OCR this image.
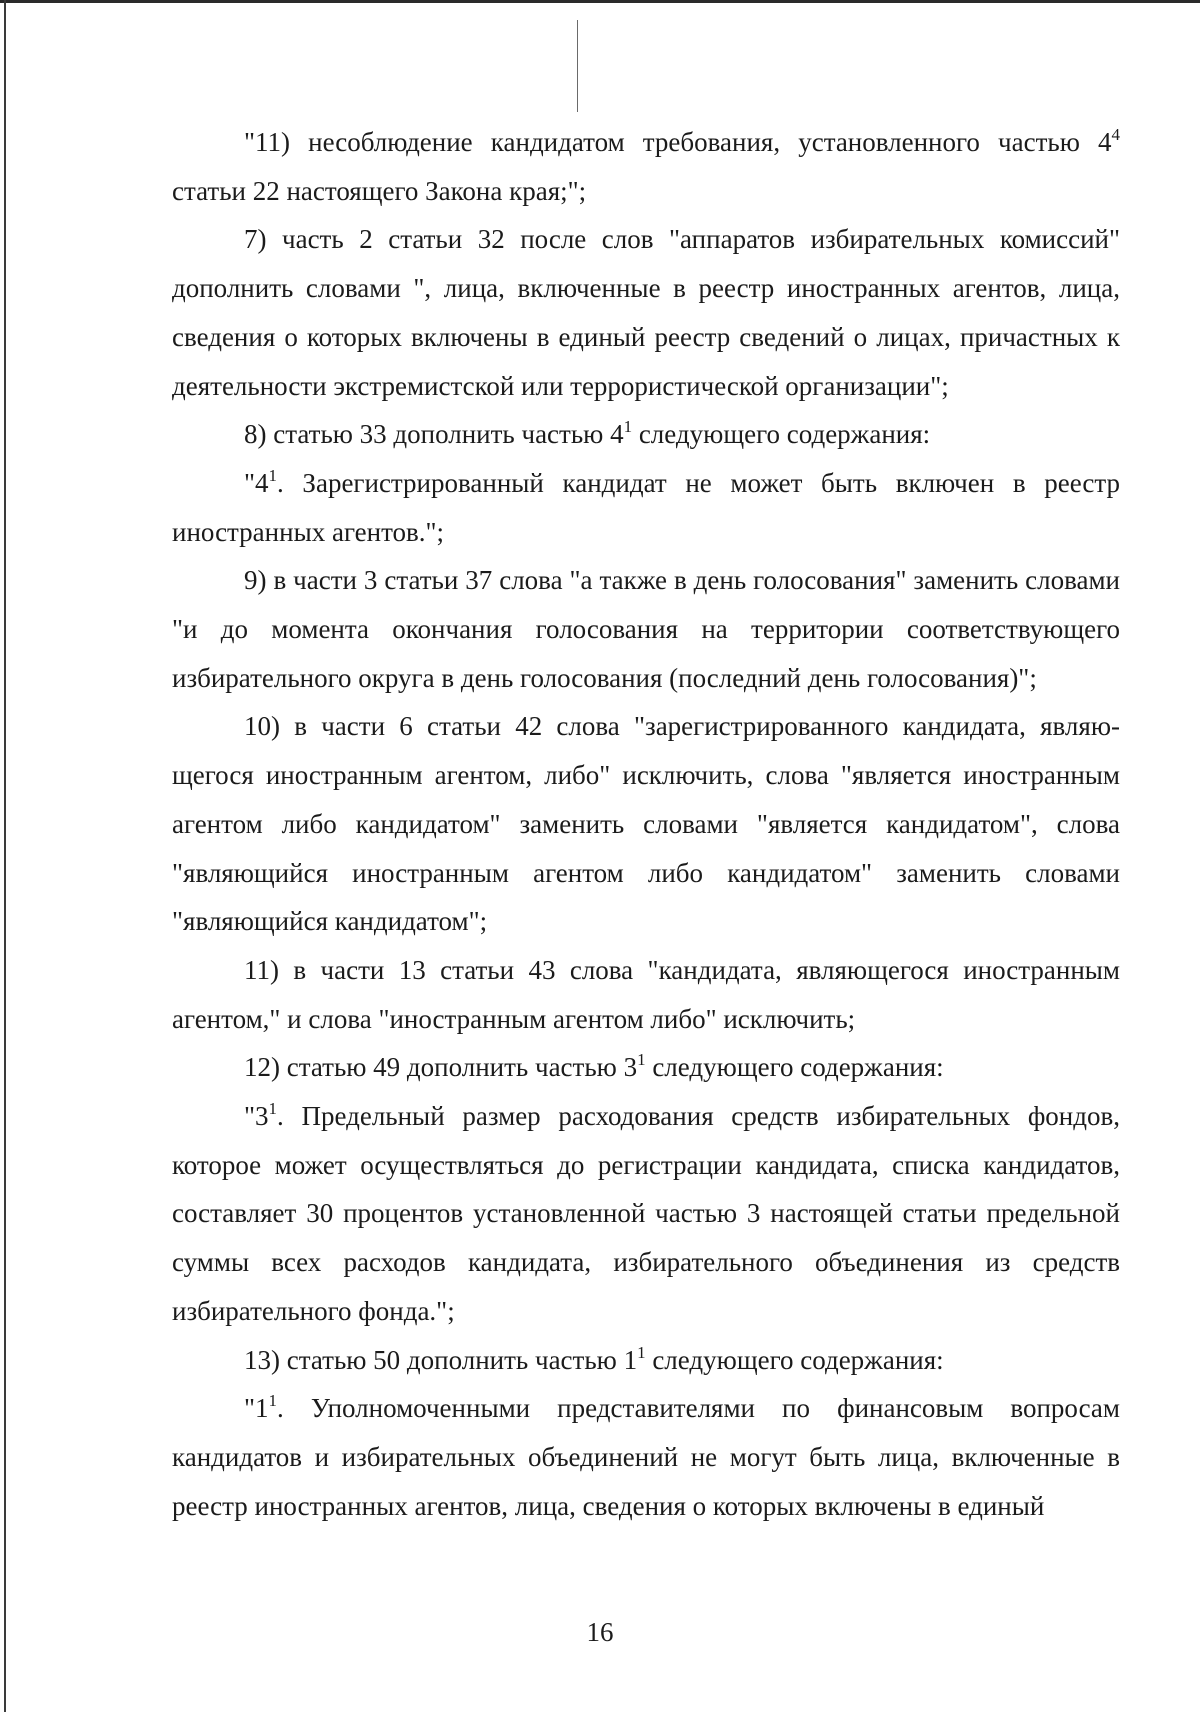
"11) несоблюдение кандидатом требования, установленного частью $4^4$ статьи 22 настоящего Закона края;";

7) часть 2 статьи 32 после слов "аппаратов избирательных комиссий" дополнить словами ", лица, включенные в реестр иностранных агентов, лица, сведения о которых включены в единый реестр сведений о лицах, причастных к деятельности экстремистской или террористической организации";

8) статью 33 дополнить частью $4^1$ следующего содержания:

"$4^1$. Зарегистрированный кандидат не может быть включен в реестр иностранных агентов.";

9) в части 3 статьи 37 слова "а также в день голосования" заменить словами "и до момента окончания голосования на территории соответствующего избирательного округа в день голосования (последний день голосования)";

10) в части 6 статьи 42 слова "зарегистрированного кандидата, являющегося иностранным агентом, либо" исключить, слова "является иностранным агентом либо кандидатом" заменить словами "является кандидатом", слова "являющийся иностранным агентом либо кандидатом" заменить словами "являющийся кандидатом";

11) в части 13 статьи 43 слова "кандидата, являющегося иностранным агентом," и слова "иностранным агентом либо" исключить;

12) статью 49 дополнить частью $3^1$ следующего содержания:

"$3^1$. Предельный размер расходования средств избирательных фондов, которое может осуществляться до регистрации кандидата, списка кандидатов, составляет 30 процентов установленной частью 3 настоящей статьи предельной суммы всех расходов кандидата, избирательного объединения из средств избирательного фонда.";

13) статью 50 дополнить частью $1^1$ следующего содержания:

"$1^1$. Уполномоченными представителями по финансовым вопросам кандидатов и избирательных объединений не могут быть лица, включенные в реестр иностранных агентов, лица, сведения о которых включены в единый

16
